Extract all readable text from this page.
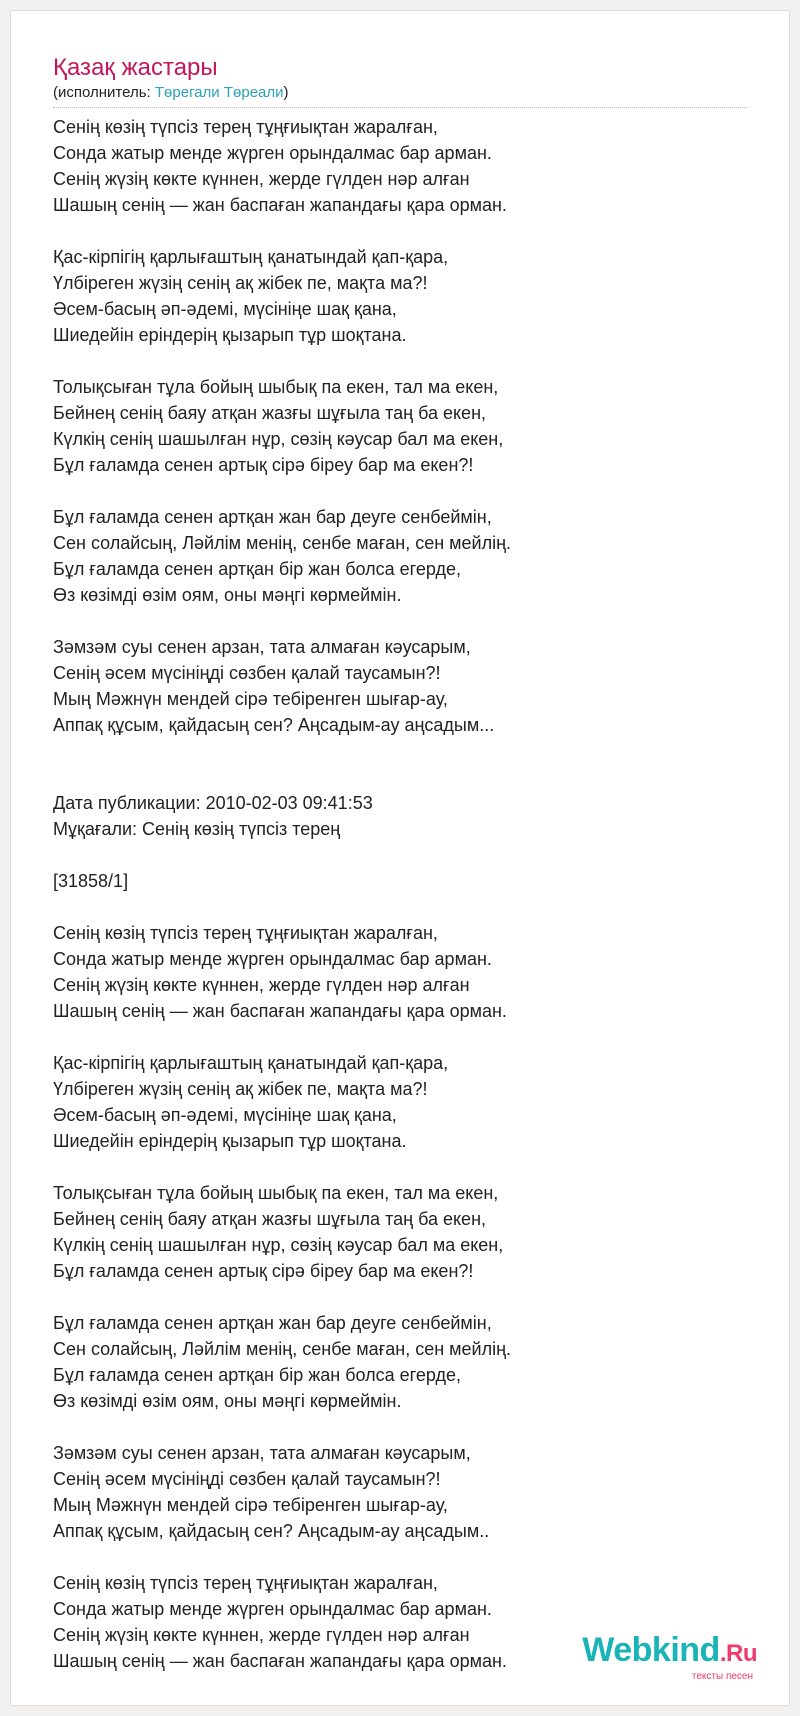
Қазақ жастары
(исполнитель: Төрегали Төреали)
Сенің көзің түпсіз терең тұңғиықтан жаралған,
Сонда жатыр менде жүрген орындалмас бар арман.
Сенің жүзің көкте күннен, жерде гүлден нәр алған
Шашың сенің — жан баспаған жапандағы қара орман.
Қас-кірпігің қарлығаштың қанатындай қап-қара,
Үлбіреген жүзің сенің ақ жібек пе, мақта ма?!
Әсем-басың әп-әдемі, мүсініңе шақ қана,
Шиедейін еріндерің қызарып тұр шоқтана.
Толықсыған тұла бойың шыбық па екен, тал ма екен,
Бейнең сенің баяу атқан жазғы шұғыла таң ба екен,
Күлкің сенің шашылған нұр, сөзің кәусар бал ма екен,
Бұл ғаламда сенен артық сірә біреу бар ма екен?!
Бұл ғаламда сенен артқан жан бар деуге сенбеймін,
Сен солайсың, Ләйлім менің, сенбе маған, сен мейлің.
Бұл ғаламда сенен артқан бір жан болса егерде,
Өз көзімді өзім оям, оны мәңгі көрмеймін.
Зәмзәм суы сенен арзан, тата алмаған кәусарым,
Сенің әсем мүсініңді сөзбен қалай таусамын?!
Мың Мәжнүн мендей сірә тебіренген шығар-ау,
Аппақ құсым, қайдасың сен? Аңсадым-ау аңсадым...
Дата публикации: 2010-02-03 09:41:53
Мұқағали: Сенің көзің түпсіз терең
[31858/1]
Сенің көзің түпсіз терең тұңғиықтан жаралған,
Сонда жатыр менде жүрген орындалмас бар арман.
Сенің жүзің көкте күннен, жерде гүлден нәр алған
Шашың сенің — жан баспаған жапандағы қара орман.
Қас-кірпігің қарлығаштың қанатындай қап-қара,
Үлбіреген жүзің сенің ақ жібек пе, мақта ма?!
Әсем-басың әп-әдемі, мүсініңе шақ қана,
Шиедейін еріндерің қызарып тұр шоқтана.
Толықсыған тұла бойың шыбық па екен, тал ма екен,
Бейнең сенің баяу атқан жазғы шұғыла таң ба екен,
Күлкің сенің шашылған нұр, сөзің кәусар бал ма екен,
Бұл ғаламда сенен артық сірә біреу бар ма екен?!
Бұл ғаламда сенен артқан жан бар деуге сенбеймін,
Сен солайсың, Ләйлім менің, сенбе маған, сен мейлің.
Бұл ғаламда сенен артқан бір жан болса егерде,
Өз көзімді өзім оям, оны мәңгі көрмеймін.
Зәмзәм суы сенен арзан, тата алмаған кәусарым,
Сенің әсем мүсініңді сөзбен қалай таусамын?!
Мың Мәжнүн мендей сірә тебіренген шығар-ау,
Аппақ құсым, қайдасың сен? Аңсадым-ау аңсадым..
Сенің көзің түпсіз терең тұңғиықтан жаралған,
Сонда жатыр менде жүрген орындалмас бар арман.
Сенің жүзің көкте күннен, жерде гүлден нәр алған
Шашың сенің — жан баспаған жапандағы қара орман.	Webkind.Ru
тексты песен
